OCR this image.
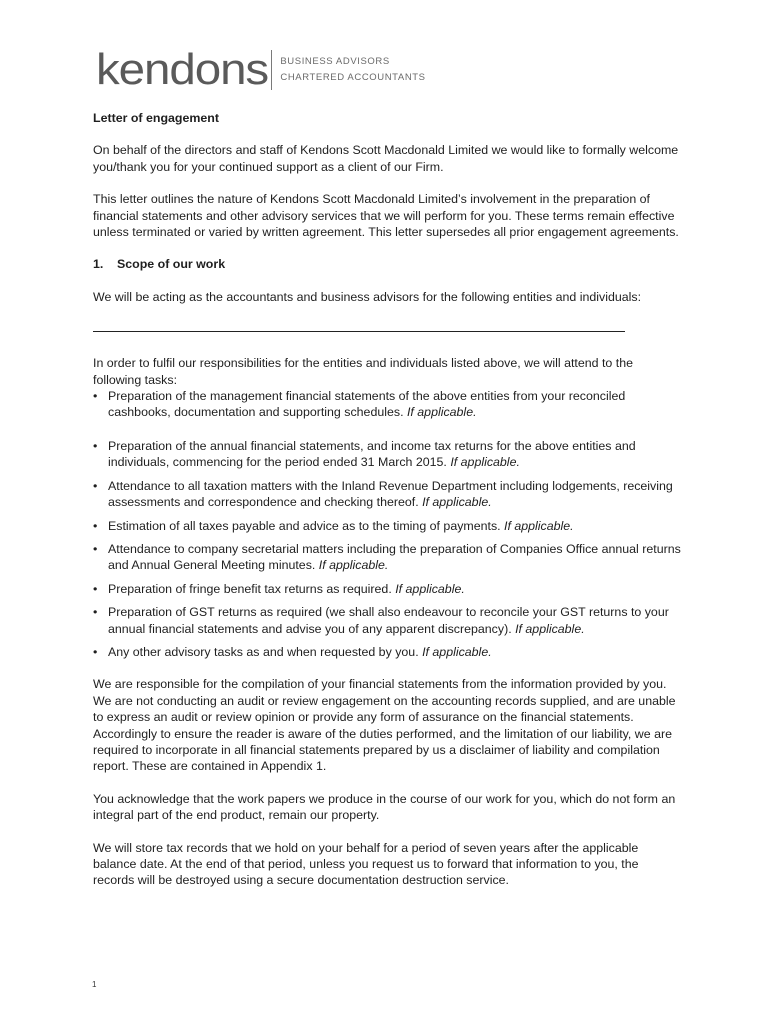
kendons BUSINESS ADVISORS
CHARTERED ACCOUNTANTS

Letter of engagement

On behalf of the directors and staff of Kendons Scott Macdonald Limited we would like to formally welcome you/thank you for your continued support as a client of our Firm.

This letter outlines the nature of Kendons Scott Macdonald Limited’s involvement in the preparation of financial statements and other advisory services that we will perform for you. These terms remain effective unless terminated or varied by written agreement. This letter supersedes all prior engagement agreements.

1. Scope of our work

We will be acting as the accountants and business advisors for the following entities and individuals:

In order to fulfil our responsibilities for the entities and individuals listed above, we will attend to the following tasks:

• Preparation of the management financial statements of the above entities from your reconciled cashbooks, documentation and supporting schedules. If applicable.
• Preparation of the annual financial statements, and income tax returns for the above entities and individuals, commencing for the period ended 31 March 2015. If applicable.
• Attendance to all taxation matters with the Inland Revenue Department including lodgements, receiving assessments and correspondence and checking thereof. If applicable.
• Estimation of all taxes payable and advice as to the timing of payments. If applicable.
• Attendance to company secretarial matters including the preparation of Companies Office annual returns and Annual General Meeting minutes. If applicable.
• Preparation of fringe benefit tax returns as required. If applicable.
• Preparation of GST returns as required (we shall also endeavour to reconcile your GST returns to your annual financial statements and advise you of any apparent discrepancy). If applicable.
• Any other advisory tasks as and when requested by you. If applicable.

We are responsible for the compilation of your financial statements from the information provided by you. We are not conducting an audit or review engagement on the accounting records supplied, and are unable to express an audit or review opinion or provide any form of assurance on the financial statements. Accordingly to ensure the reader is aware of the duties performed, and the limitation of our liability, we are required to incorporate in all financial statements prepared by us a disclaimer of liability and compilation report. These are contained in Appendix 1.

You acknowledge that the work papers we produce in the course of our work for you, which do not form an integral part of the end product, remain our property.

We will store tax records that we hold on your behalf for a period of seven years after the applicable balance date. At the end of that period, unless you request us to forward that information to you, the records will be destroyed using a secure documentation destruction service.

1
